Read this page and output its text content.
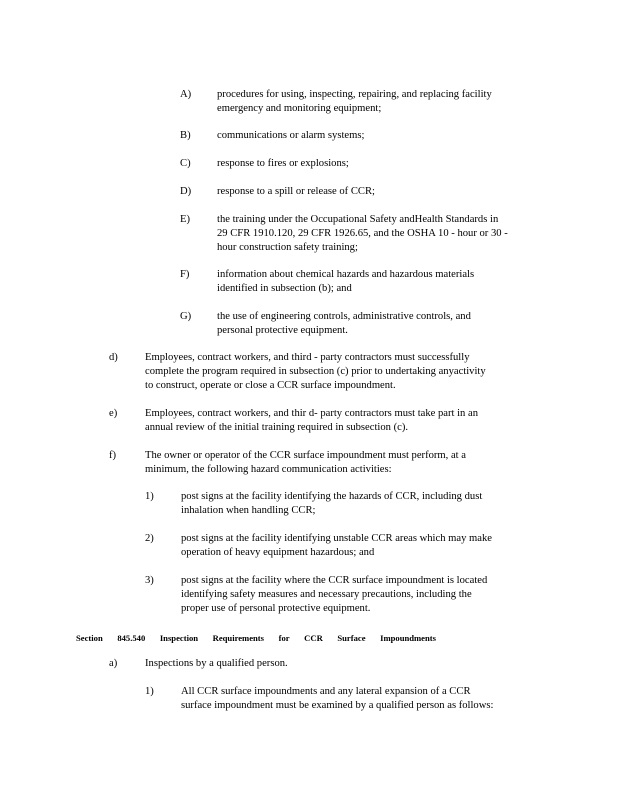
A) procedures for using, inspecting, repairing, and replacing facility
emergency and monitoring equipment;
B) communications or alarm systems;
C) response to fires or explosions;
D) response to a spill or release of CCR;
E)	the training under the Occupational Safety andHealth Standards in
29 CFR 1910.120, 29 CFR 1926.65, and the OSHA 10 - hour or 30 -
hour construction safety training;
F)	information about chemical hazards and hazardous materials
identified in subsection (b); and
G) the use of engineering controls, administrative controls, and
personal protective equipment.
d)	Employees, contract workers, and third - party contractors must successfully
complete the program required in subsection (c) prior to undertaking anyactivity
to construct, operate or close a CCR surface impoundment.
e)	Employees, contract workers, and thir d- party contractors must take part in an
annual review of the initial training required in subsection (c).
f)	The owner or operator of the CCR surface impoundment must perform, at a
minimum, the following hazard communication activities:
1)	post signs at the facility identifying the hazards of CCR, including dust
inhalation when handling CCR;
2)	post signs at the facility identifying unstable CCR areas which may make
operation of heavy equipment hazardous; and
3)	post signs at the facility where the CCR surface impoundment is located
identifying safety measures and necessary precautions, including the
proper use of personal protective equipment.
Section 845.540 Inspection Requirements for CCR Surface Impoundments
a)	Inspections by a qualified person.
1)	All CCR surface impoundments and any lateral expansion of a CCR
surface impoundment must be examined by a qualified person as follows:
